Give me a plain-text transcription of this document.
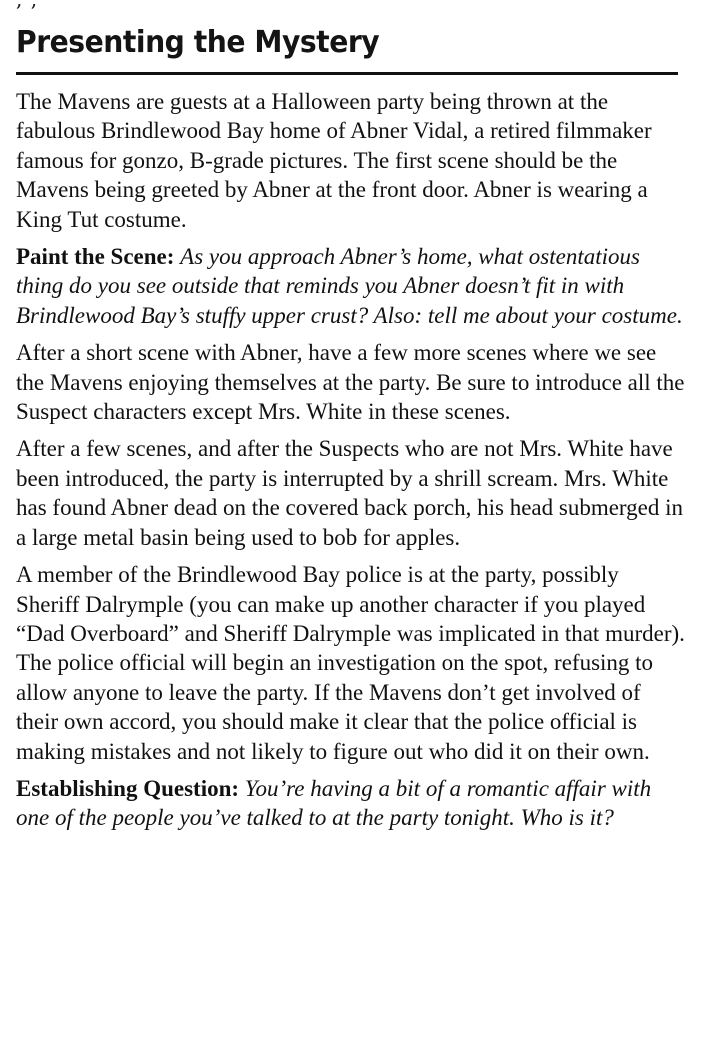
Presenting the Mystery

The Mavens are guests at a Halloween party being thrown at the fabulous Brindlewood Bay home of Abner Vidal, a retired filmmaker famous for gonzo, B-grade pictures. The first scene should be the Mavens being greeted by Abner at the front door. Abner is wearing a King Tut costume.

Paint the Scene: As you approach Abner’s home, what ostentatious thing do you see outside that reminds you Abner doesn’t fit in with Brindlewood Bay’s stuffy upper crust? Also: tell me about your costume.

After a short scene with Abner, have a few more scenes where we see the Mavens enjoying themselves at the party. Be sure to introduce all the Suspect characters except Mrs. White in these scenes.

After a few scenes, and after the Suspects who are not Mrs. White have been introduced, the party is interrupted by a shrill scream. Mrs. White has found Abner dead on the covered back porch, his head submerged in a large metal basin being used to bob for apples.

A member of the Brindlewood Bay police is at the party, possibly Sheriff Dalrymple (you can make up another character if you played “Dad Overboard” and Sheriff Dalrymple was implicated in that murder). The police official will begin an investigation on the spot, refusing to allow anyone to leave the party. If the Mavens don’t get involved of their own accord, you should make it clear that the police official is making mistakes and not likely to figure out who did it on their own.

Establishing Question: You’re having a bit of a romantic affair with one of the people you’ve talked to at the party tonight. Who is it?
